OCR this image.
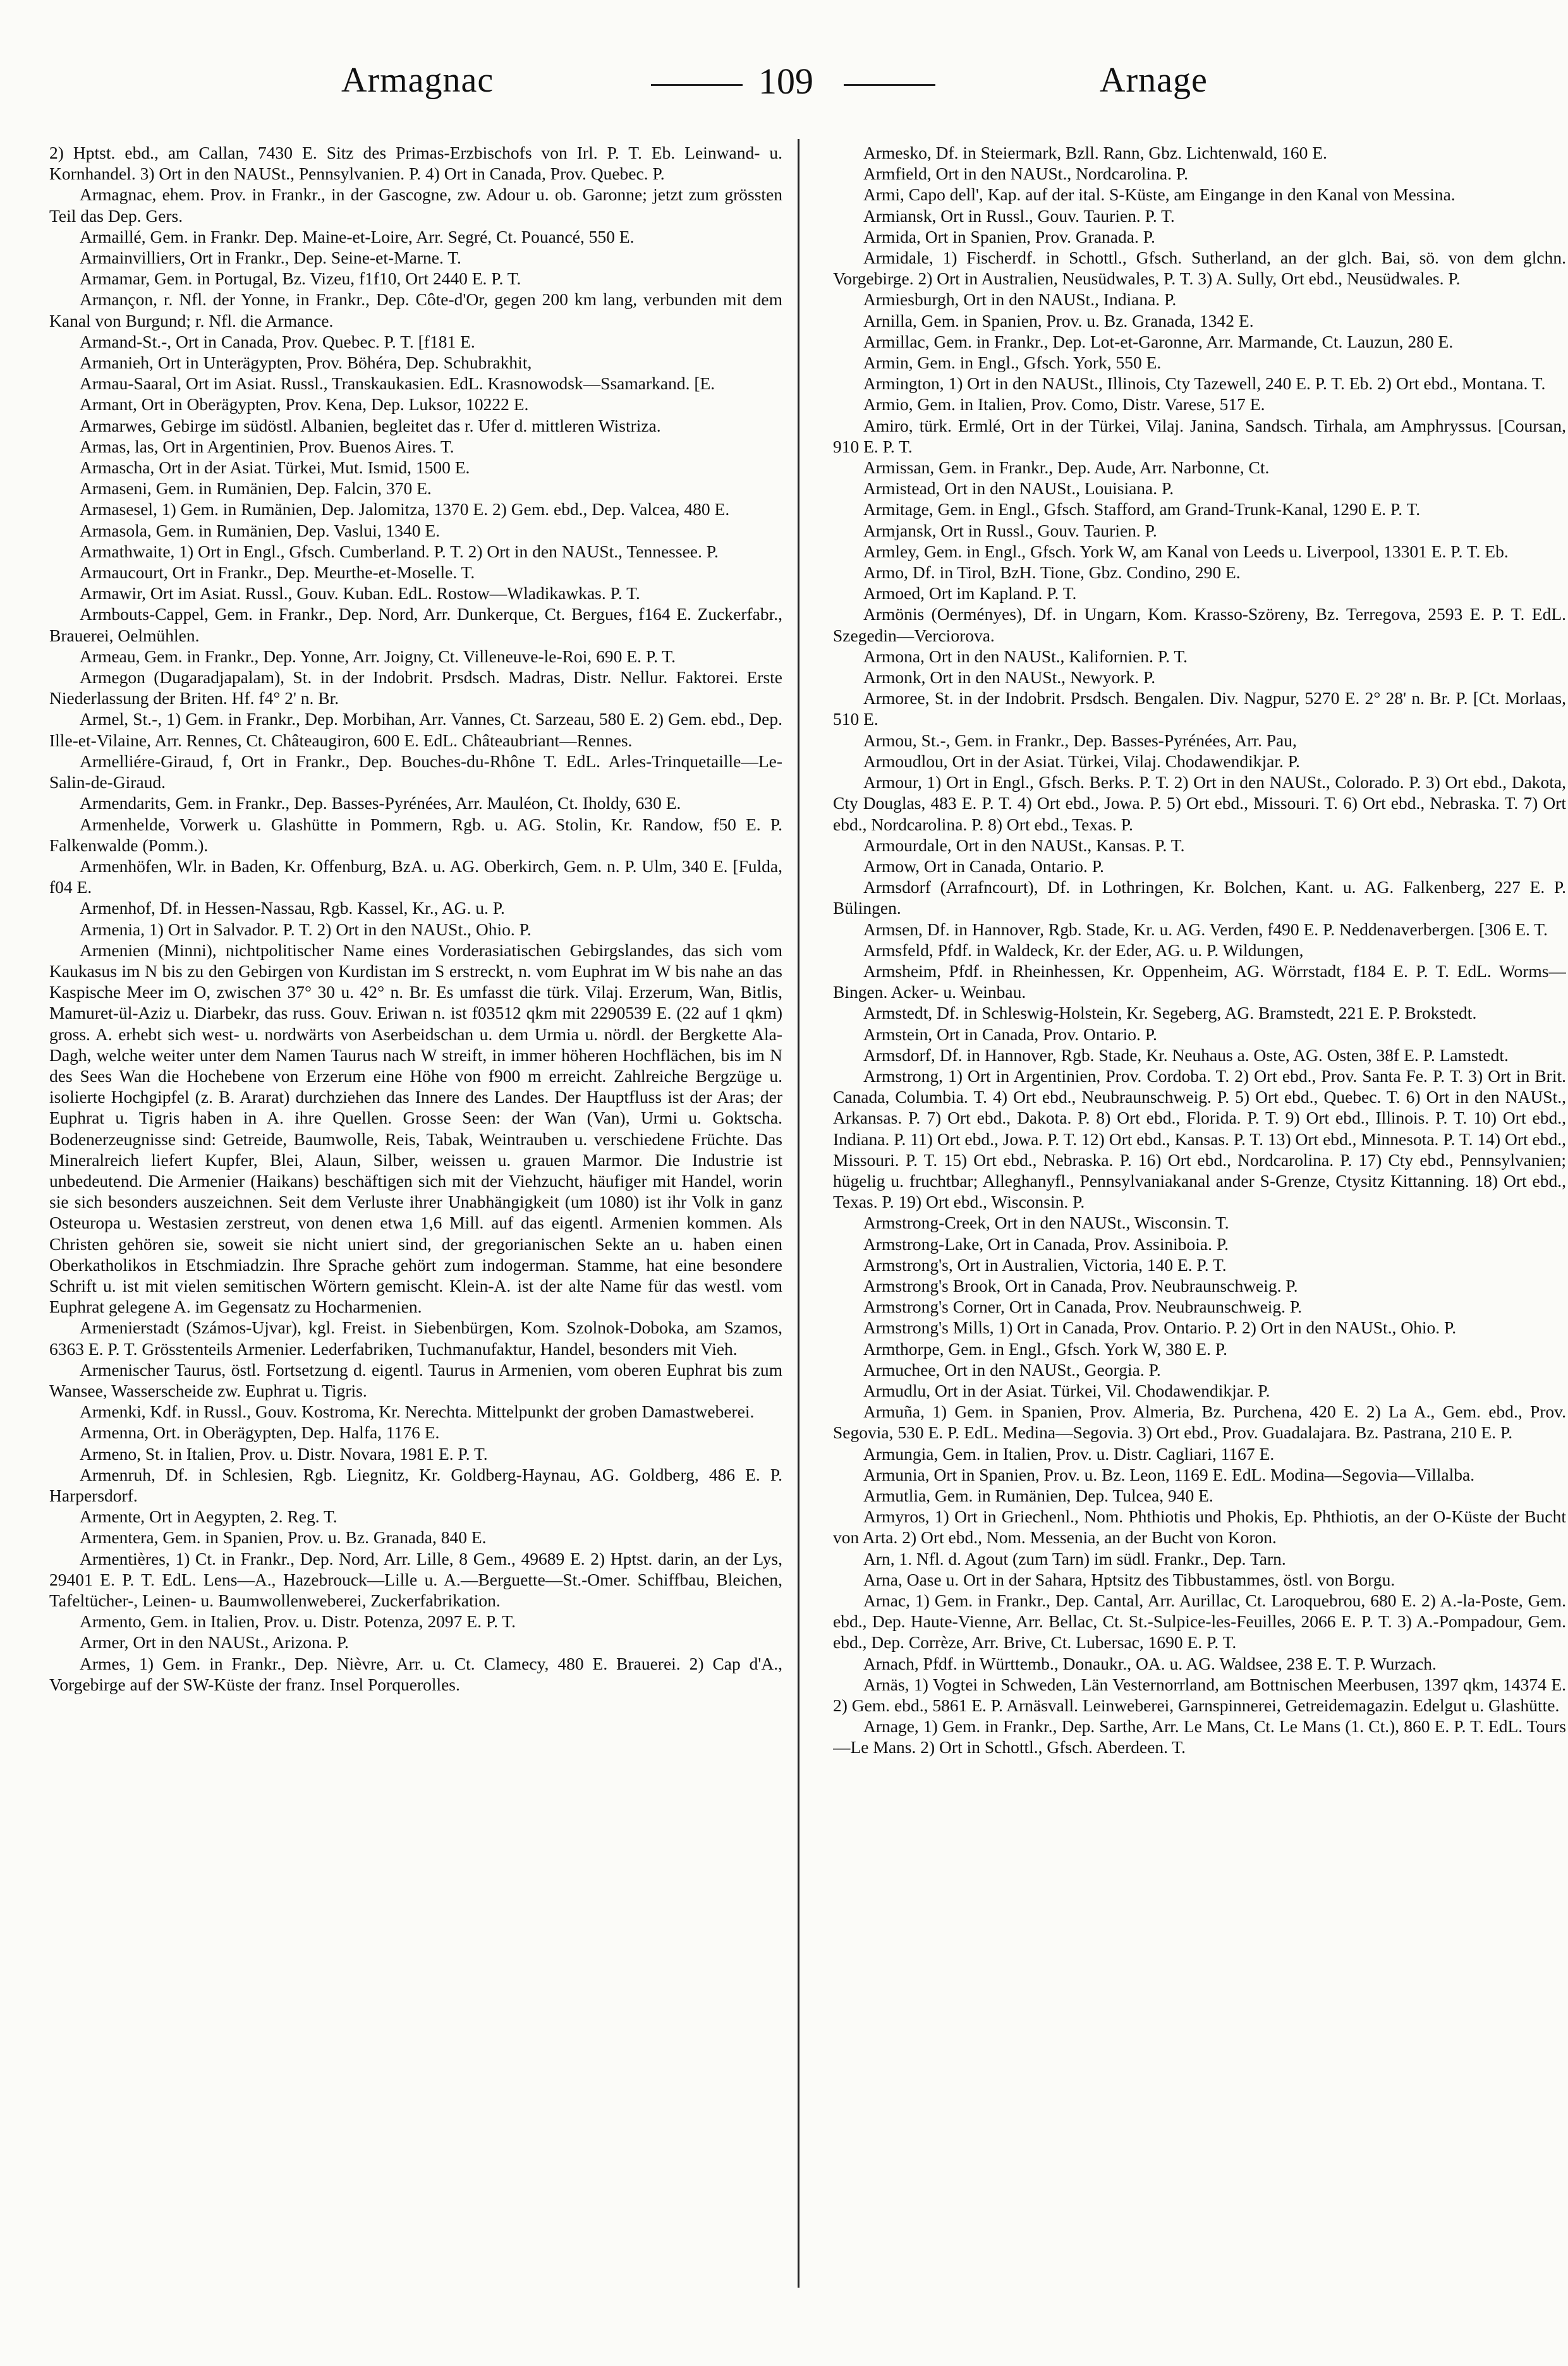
Armagnac	109	Arnage

2) Hptst. ebd., am Callan, 7430 E. Sitz des Primas-Erzbischofs von Irl. P. T. Eb. Leinwand- u. Kornhandel. 3) Ort in den NAUSt., Pennsylvanien. P. 4) Ort in Canada, Prov. Quebec. P.

Armagnac, ehem. Prov. in Frankr., in der Gascogne, zw. Adour u. ob. Garonne; jetzt zum grössten Teil das Dep. Gers.

Armaillé, Gem. in Frankr. Dep. Maine-et-Loire, Arr. Segré, Ct. Pouancé, 550 E.

Armainvilliers, Ort in Frankr., Dep. Seine-et-Marne. T.

Armamar, Gem. in Portugal, Bz. Vizeu, f1f10, Ort 2440 E. P. T.

Armançon, r. Nfl. der Yonne, in Frankr., Dep. Côte-d'Or, gegen 200 km lang, verbunden mit dem Kanal von Burgund; r. Nfl. die Armance.

Armand-St.-, Ort in Canada, Prov. Quebec. P. T. [f181 E.

Armanieh, Ort in Unterägypten, Prov. Böhéra, Dep. Schubrakhit,

Armau-Saaral, Ort im Asiat. Russl., Transkaukasien. EdL. Krasnowodsk—Ssamarkand. [E.

Armant, Ort in Oberägypten, Prov. Kena, Dep. Luksor, 10222 E.

Armarwes, Gebirge im südöstl. Albanien, begleitet das r. Ufer d. mittleren Wistriza.

Armas, las, Ort in Argentinien, Prov. Buenos Aires. T.

Armascha, Ort in der Asiat. Türkei, Mut. Ismid, 1500 E.

Armaseni, Gem. in Rumänien, Dep. Falcin, 370 E.

Armasesel, 1) Gem. in Rumänien, Dep. Jalomitza, 1370 E. 2) Gem. ebd., Dep. Valcea, 480 E.

Armasola, Gem. in Rumänien, Dep. Vaslui, 1340 E.

Armathwaite, 1) Ort in Engl., Gfsch. Cumberland. P. T. 2) Ort in den NAUSt., Tennessee. P.

Armaucourt, Ort in Frankr., Dep. Meurthe-et-Moselle. T.

Armawir, Ort im Asiat. Russl., Gouv. Kuban. EdL. Rostow—Wladikawkas. P. T.

Armbouts-Cappel, Gem. in Frankr., Dep. Nord, Arr. Dunkerque, Ct. Bergues, f164 E. Zuckerfabr., Brauerei, Oelmühlen.

Armeau, Gem. in Frankr., Dep. Yonne, Arr. Joigny, Ct. Villeneuve-le-Roi, 690 E. P. T.

Armegon (Dugaradjapalam), St. in der Indobrit. Prsdsch. Madras, Distr. Nellur. Faktorei. Erste Niederlassung der Briten. Hf. f4° 2' n. Br.

Armel, St.-, 1) Gem. in Frankr., Dep. Morbihan, Arr. Vannes, Ct. Sarzeau, 580 E. 2) Gem. ebd., Dep. Ille-et-Vilaine, Arr. Rennes, Ct. Châteaugiron, 600 E. EdL. Châteaubriant—Rennes.

Armelliére-Giraud, f, Ort in Frankr., Dep. Bouches-du-Rhône T. EdL. Arles-Trinquetaille—Le-Salin-de-Giraud.

Armendarits, Gem. in Frankr., Dep. Basses-Pyrénées, Arr. Mauléon, Ct. Iholdy, 630 E.

Armenhelde, Vorwerk u. Glashütte in Pommern, Rgb. u. AG. Stolin, Kr. Randow, f50 E. P. Falkenwalde (Pomm.).

Armenhöfen, Wlr. in Baden, Kr. Offenburg, BzA. u. AG. Oberkirch, Gem. n. P. Ulm, 340 E. [Fulda, f04 E.

Armenhof, Df. in Hessen-Nassau, Rgb. Kassel, Kr., AG. u. P.

Armenia, 1) Ort in Salvador. P. T. 2) Ort in den NAUSt., Ohio. P.

Armenien (Minni), nichtpolitischer Name eines Vorderasiatischen Gebirgslandes, das sich vom Kaukasus im N bis zu den Gebirgen von Kurdistan im S erstreckt, n. vom Euphrat im W bis nahe an das Kaspische Meer im O, zwischen 37° 30 u. 42° n. Br. Es umfasst die türk. Vilaj. Erzerum, Wan, Bitlis, Mamuret-ül-Aziz u. Diarbekr, das russ. Gouv. Eriwan n. ist f03512 qkm mit 2290539 E. (22 auf 1 qkm) gross. A. erhebt sich west- u. nordwärts von Aserbeidschan u. dem Urmia u. nördl. der Bergkette Ala-Dagh, welche weiter unter dem Namen Taurus nach W streift, in immer höheren Hochflächen, bis im N des Sees Wan die Hochebene von Erzerum eine Höhe von f900 m erreicht. Zahlreiche Bergzüge u. isolierte Hochgipfel (z. B. Ararat) durchziehen das Innere des Landes. Der Hauptfluss ist der Aras; der Euphrat u. Tigris haben in A. ihre Quellen. Grosse Seen: der Wan (Van), Urmi u. Goktscha. Bodenerzeugnisse sind: Getreide, Baumwolle, Reis, Tabak, Weintrauben u. verschiedene Früchte. Das Mineralreich liefert Kupfer, Blei, Alaun, Silber, weissen u. grauen Marmor. Die Industrie ist unbedeutend. Die Armenier (Haikans) beschäftigen sich mit der Viehzucht, häufiger mit Handel, worin sie sich besonders auszeichnen. Seit dem Verluste ihrer Unabhängigkeit (um 1080) ist ihr Volk in ganz Osteuropa u. Westasien zerstreut, von denen etwa 1,6 Mill. auf das eigentl. Armenien kommen. Als Christen gehören sie, soweit sie nicht uniert sind, der gregorianischen Sekte an u. haben einen Oberkatholikos in Etschmiadzin. Ihre Sprache gehört zum indogerman. Stamme, hat eine besondere Schrift u. ist mit vielen semitischen Wörtern gemischt. Klein-A. ist der alte Name für das westl. vom Euphrat gelegene A. im Gegensatz zu Hocharmenien.

Armenierstadt (Számos-Ujvar), kgl. Freist. in Siebenbürgen, Kom. Szolnok-Doboka, am Szamos, 6363 E. P. T. Grösstenteils Armenier. Lederfabriken, Tuchmanufaktur, Handel, besonders mit Vieh.

Armenischer Taurus, östl. Fortsetzung d. eigentl. Taurus in Armenien, vom oberen Euphrat bis zum Wansee, Wasserscheide zw. Euphrat u. Tigris.

Armenki, Kdf. in Russl., Gouv. Kostroma, Kr. Nerechta. Mittelpunkt der groben Damastweberei.

Armenna, Ort. in Oberägypten, Dep. Halfa, 1176 E.

Armeno, St. in Italien, Prov. u. Distr. Novara, 1981 E. P. T.

Armenruh, Df. in Schlesien, Rgb. Liegnitz, Kr. Goldberg-Haynau, AG. Goldberg, 486 E. P. Harpersdorf.

Armente, Ort in Aegypten, 2. Reg. T.

Armentera, Gem. in Spanien, Prov. u. Bz. Granada, 840 E.

Armentières, 1) Ct. in Frankr., Dep. Nord, Arr. Lille, 8 Gem., 49689 E. 2) Hptst. darin, an der Lys, 29401 E. P. T. EdL. Lens—A., Hazebrouck—Lille u. A.—Berguette—St.-Omer. Schiffbau, Bleichen, Tafeltücher-, Leinen- u. Baumwollenweberei, Zuckerfabrikation.

Armento, Gem. in Italien, Prov. u. Distr. Potenza, 2097 E. P. T.

Armer, Ort in den NAUSt., Arizona. P.

Armes, 1) Gem. in Frankr., Dep. Nièvre, Arr. u. Ct. Clamecy, 480 E. Brauerei. 2) Cap d'A., Vorgebirge auf der SW-Küste der franz. Insel Porquerolles.

Armesko, Df. in Steiermark, Bzll. Rann, Gbz. Lichtenwald, 160 E.

Armfield, Ort in den NAUSt., Nordcarolina. P.

Armi, Capo dell', Kap. auf der ital. S-Küste, am Eingange in den Kanal von Messina.

Armiansk, Ort in Russl., Gouv. Taurien. P. T.

Armida, Ort in Spanien, Prov. Granada. P.

Armidale, 1) Fischerdf. in Schottl., Gfsch. Sutherland, an der glch. Bai, sö. von dem glchn. Vorgebirge. 2) Ort in Australien, Neusüdwales, P. T. 3) A. Sully, Ort ebd., Neusüdwales. P.

Armiesburgh, Ort in den NAUSt., Indiana. P.

Arnilla, Gem. in Spanien, Prov. u. Bz. Granada, 1342 E.

Armillac, Gem. in Frankr., Dep. Lot-et-Garonne, Arr. Marmande, Ct. Lauzun, 280 E.

Armin, Gem. in Engl., Gfsch. York, 550 E.

Armington, 1) Ort in den NAUSt., Illinois, Cty Tazewell, 240 E. P. T. Eb. 2) Ort ebd., Montana. T.

Armio, Gem. in Italien, Prov. Como, Distr. Varese, 517 E.

Amiro, türk. Ermlé, Ort in der Türkei, Vilaj. Janina, Sandsch. Tirhala, am Amphryssus. [Coursan, 910 E. P. T.

Armissan, Gem. in Frankr., Dep. Aude, Arr. Narbonne, Ct.

Armistead, Ort in den NAUSt., Louisiana. P.

Armitage, Gem. in Engl., Gfsch. Stafford, am Grand-Trunk-Kanal, 1290 E. P. T.

Armjansk, Ort in Russl., Gouv. Taurien. P.

Armley, Gem. in Engl., Gfsch. York W, am Kanal von Leeds u. Liverpool, 13301 E. P. T. Eb.

Armo, Df. in Tirol, BzH. Tione, Gbz. Condino, 290 E.

Armoed, Ort im Kapland. P. T.

Armönis (Oerményes), Df. in Ungarn, Kom. Krasso-Szöreny, Bz. Terregova, 2593 E. P. T. EdL. Szegedin—Verciorova.

Armona, Ort in den NAUSt., Kalifornien. P. T.

Armonk, Ort in den NAUSt., Newyork. P.

Armoree, St. in der Indobrit. Prsdsch. Bengalen. Div. Nagpur, 5270 E. 2° 28' n. Br. P. [Ct. Morlaas, 510 E.

Armou, St.-, Gem. in Frankr., Dep. Basses-Pyrénées, Arr. Pau,

Armoudlou, Ort in der Asiat. Türkei, Vilaj. Chodawendikjar. P.

Armour, 1) Ort in Engl., Gfsch. Berks. P. T. 2) Ort in den NAUSt., Colorado. P. 3) Ort ebd., Dakota, Cty Douglas, 483 E. P. T. 4) Ort ebd., Jowa. P. 5) Ort ebd., Missouri. T. 6) Ort ebd., Nebraska. T. 7) Ort ebd., Nordcarolina. P. 8) Ort ebd., Texas. P.

Armourdale, Ort in den NAUSt., Kansas. P. T.

Armow, Ort in Canada, Ontario. P.

Armsdorf (Arrafncourt), Df. in Lothringen, Kr. Bolchen, Kant. u. AG. Falkenberg, 227 E. P. Bülingen.

Armsen, Df. in Hannover, Rgb. Stade, Kr. u. AG. Verden, f490 E. P. Neddenaverbergen. [306 E. T.

Armsfeld, Pfdf. in Waldeck, Kr. der Eder, AG. u. P. Wildungen,

Armsheim, Pfdf. in Rheinhessen, Kr. Oppenheim, AG. Wörrstadt, f184 E. P. T. EdL. Worms—Bingen. Acker- u. Weinbau.

Armstedt, Df. in Schleswig-Holstein, Kr. Segeberg, AG. Bramstedt, 221 E. P. Brokstedt.

Armstein, Ort in Canada, Prov. Ontario. P.

Armsdorf, Df. in Hannover, Rgb. Stade, Kr. Neuhaus a. Oste, AG. Osten, 38f E. P. Lamstedt.

Armstrong, 1) Ort in Argentinien, Prov. Cordoba. T. 2) Ort ebd., Prov. Santa Fe. P. T. 3) Ort in Brit. Canada, Columbia. T. 4) Ort ebd., Neubraunschweig. P. 5) Ort ebd., Quebec. T. 6) Ort in den NAUSt., Arkansas. P. 7) Ort ebd., Dakota. P. 8) Ort ebd., Florida. P. T. 9) Ort ebd., Illinois. P. T. 10) Ort ebd., Indiana. P. 11) Ort ebd., Jowa. P. T. 12) Ort ebd., Kansas. P. T. 13) Ort ebd., Minnesota. P. T. 14) Ort ebd., Missouri. P. T. 15) Ort ebd., Nebraska. P. 16) Ort ebd., Nordcarolina. P. 17) Cty ebd., Pennsylvanien; hügelig u. fruchtbar; Alleghanyfl., Pennsylvaniakanal ander S-Grenze, Ctysitz Kittanning. 18) Ort ebd., Texas. P. 19) Ort ebd., Wisconsin. P.

Armstrong-Creek, Ort in den NAUSt., Wisconsin. T.

Armstrong-Lake, Ort in Canada, Prov. Assiniboia. P.

Armstrong's, Ort in Australien, Victoria, 140 E. P. T.

Armstrong's Brook, Ort in Canada, Prov. Neubraunschweig. P.

Armstrong's Corner, Ort in Canada, Prov. Neubraunschweig. P.

Armstrong's Mills, 1) Ort in Canada, Prov. Ontario. P. 2) Ort in den NAUSt., Ohio. P.

Armthorpe, Gem. in Engl., Gfsch. York W, 380 E. P.

Armuchee, Ort in den NAUSt., Georgia. P.

Armudlu, Ort in der Asiat. Türkei, Vil. Chodawendikjar. P.

Armuña, 1) Gem. in Spanien, Prov. Almeria, Bz. Purchena, 420 E. 2) La A., Gem. ebd., Prov. Segovia, 530 E. P. EdL. Medina—Segovia. 3) Ort ebd., Prov. Guadalajara. Bz. Pastrana, 210 E. P.

Armungia, Gem. in Italien, Prov. u. Distr. Cagliari, 1167 E.

Armunia, Ort in Spanien, Prov. u. Bz. Leon, 1169 E. EdL. Modina—Segovia—Villalba.

Armutlia, Gem. in Rumänien, Dep. Tulcea, 940 E.

Armyros, 1) Ort in Griechenl., Nom. Phthiotis und Phokis, Ep. Phthiotis, an der O-Küste der Bucht von Arta. 2) Ort ebd., Nom. Messenia, an der Bucht von Koron.

Arn, 1. Nfl. d. Agout (zum Tarn) im südl. Frankr., Dep. Tarn.

Arna, Oase u. Ort in der Sahara, Hptsitz des Tibbustammes, östl. von Borgu.

Arnac, 1) Gem. in Frankr., Dep. Cantal, Arr. Aurillac, Ct. Laroquebrou, 680 E. 2) A.-la-Poste, Gem. ebd., Dep. Haute-Vienne, Arr. Bellac, Ct. St.-Sulpice-les-Feuilles, 2066 E. P. T. 3) A.-Pompadour, Gem. ebd., Dep. Corrèze, Arr. Brive, Ct. Lubersac, 1690 E. P. T.

Arnach, Pfdf. in Württemb., Donaukr., OA. u. AG. Waldsee, 238 E. T. P. Wurzach.

Arnäs, 1) Vogtei in Schweden, Län Vesternorrland, am Bottnischen Meerbusen, 1397 qkm, 14374 E. 2) Gem. ebd., 5861 E. P. Arnäsvall. Leinweberei, Garnspinnerei, Getreidemagazin. Edelgut u. Glashütte.

Arnage, 1) Gem. in Frankr., Dep. Sarthe, Arr. Le Mans, Ct. Le Mans (1. Ct.), 860 E. P. T. EdL. Tours—Le Mans. 2) Ort in Schottl., Gfsch. Aberdeen. T.
